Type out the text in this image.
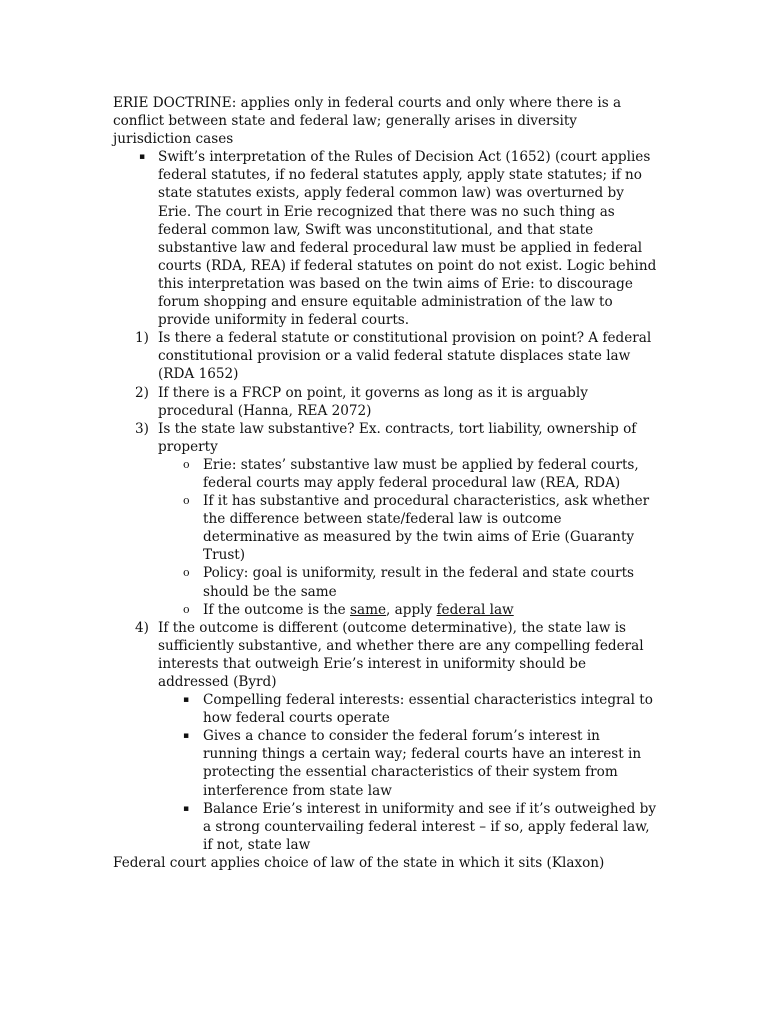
ERIE DOCTRINE: applies only in federal courts and only where there is a conflict between state and federal law; generally arises in diversity jurisdiction cases
▪ Swift’s interpretation of the Rules of Decision Act (1652) (court applies federal statutes, if no federal statutes apply, apply state statutes; if no state statutes exists, apply federal common law) was overturned by Erie. The court in Erie recognized that there was no such thing as federal common law, Swift was unconstitutional, and that state substantive law and federal procedural law must be applied in federal courts (RDA, REA) if federal statutes on point do not exist. Logic behind this interpretation was based on the twin aims of Erie: to discourage forum shopping and ensure equitable administration of the law to provide uniformity in federal courts.
1) Is there a federal statute or constitutional provision on point? A federal constitutional provision or a valid federal statute displaces state law (RDA 1652)
2) If there is a FRCP on point, it governs as long as it is arguably procedural (Hanna, REA 2072)
3) Is the state law substantive? Ex. contracts, tort liability, ownership of property
o Erie: states’ substantive law must be applied by federal courts, federal courts may apply federal procedural law (REA, RDA)
o If it has substantive and procedural characteristics, ask whether the difference between state/federal law is outcome determinative as measured by the twin aims of Erie (Guaranty Trust)
o Policy: goal is uniformity, result in the federal and state courts should be the same
o If the outcome is the same, apply federal law
4) If the outcome is different (outcome determinative), the state law is sufficiently substantive, and whether there are any compelling federal interests that outweigh Erie’s interest in uniformity should be addressed (Byrd)
▪ Compelling federal interests: essential characteristics integral to how federal courts operate
▪ Gives a chance to consider the federal forum’s interest in running things a certain way; federal courts have an interest in protecting the essential characteristics of their system from interference from state law
▪ Balance Erie’s interest in uniformity and see if it’s outweighed by a strong countervailing federal interest – if so, apply federal law, if not, state law
Federal court applies choice of law of the state in which it sits (Klaxon)
